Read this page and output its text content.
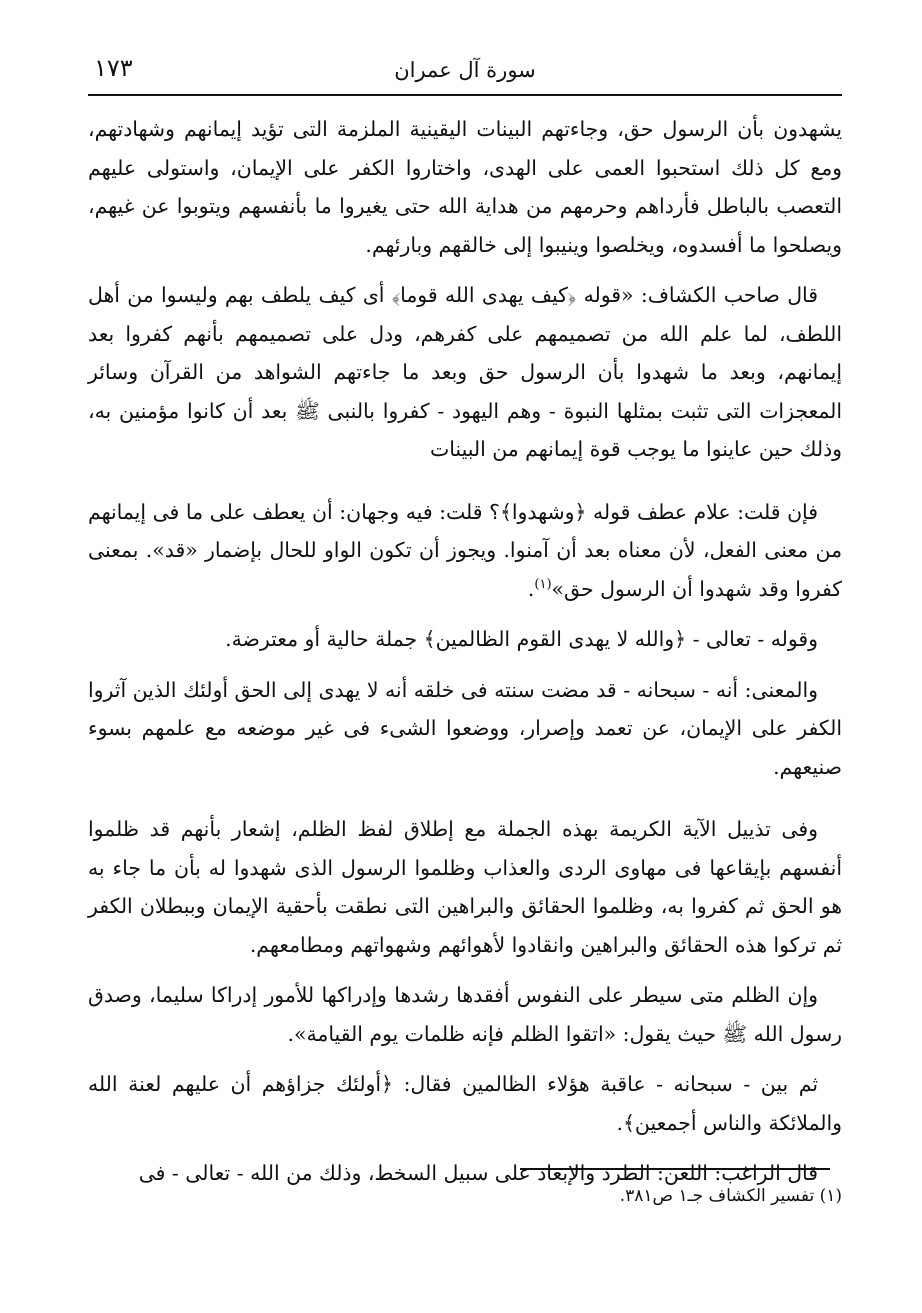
١٧٣	سورة آل عمران

يشهدون بأن الرسول حق، وجاءتهم البينات اليقينية الملزمة التى تؤيد إيمانهم وشهادتهم، ومع كل ذلك استحبوا العمى على الهدى، واختاروا الكفر على الإيمان، واستولى عليهم التعصب بالباطل فأرداهم وحرمهم من هداية الله حتى يغيروا ما بأنفسهم ويتوبوا عن غيهم، ويصلحوا ما أفسدوه، ويخلصوا وينيبوا إلى خالقهم وبارئهم.

قال صاحب الكشاف: «قوله ﴿كيف يهدى الله قوما﴾ أى كيف يلطف بهم وليسوا من أهل اللطف، لما علم الله من تصميمهم على كفرهم، ودل على تصميمهم بأنهم كفروا بعد إيمانهم، وبعد ما شهدوا بأن الرسول حق وبعد ما جاءتهم الشواهد من القرآن وسائر المعجزات التى تثبت بمثلها النبوة - وهم اليهود - كفروا بالنبى ﷺ بعد أن كانوا مؤمنين به، وذلك حين عاينوا ما يوجب قوة إيمانهم من البينات

فإن قلت: علام عطف قوله ﴿وشهدوا﴾؟ قلت: فيه وجهان: أن يعطف على ما فى إيمانهم من معنى الفعل، لأن معناه بعد أن آمنوا. ويجوز أن تكون الواو للحال بإضمار «قد». بمعنى كفروا وقد شهدوا أن الرسول حق»$^{(١)}$.

وقوله - تعالى - ﴿والله لا يهدى القوم الظالمين﴾ جملة حالية أو معترضة.

والمعنى: أنه - سبحانه - قد مضت سنته فى خلقه أنه لا يهدى إلى الحق أولئك الذين آثروا الكفر على الإيمان، عن تعمد وإصرار، ووضعوا الشىء فى غير موضعه مع علمهم بسوء صنيعهم.

وفى تذييل الآية الكريمة بهذه الجملة مع إطلاق لفظ الظلم، إشعار بأنهم قد ظلموا أنفسهم بإيقاعها فى مهاوى الردى والعذاب وظلموا الرسول الذى شهدوا له بأن ما جاء به هو الحق ثم كفروا به، وظلموا الحقائق والبراهين التى نطقت بأحقية الإيمان وببطلان الكفر ثم تركوا هذه الحقائق والبراهين وانقادوا لأهوائهم وشهواتهم ومطامعهم.

وإن الظلم متى سيطر على النفوس أفقدها رشدها وإدراكها للأمور إدراكا سليما، وصدق رسول الله ﷺ حيث يقول: «اتقوا الظلم فإنه ظلمات يوم القيامة».

ثم بين - سبحانه - عاقبة هؤلاء الظالمين فقال: ﴿أولئك جزاؤهم أن عليهم لعنة الله والملائكة والناس أجمعين﴾.

قال الراغب: اللعن: الطرد والإبعاد على سبيل السخط، وذلك من الله - تعالى - فى

(١) تفسير الكشاف جـ١ ص٣٨١.
